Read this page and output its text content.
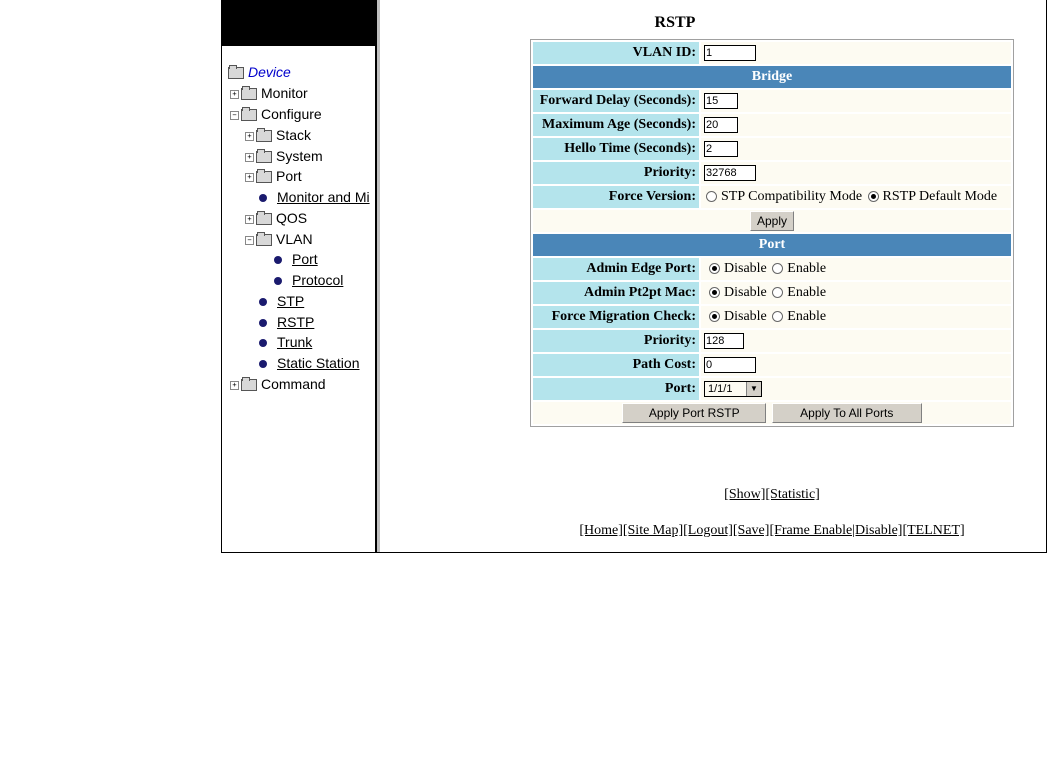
Device
+ Monitor
− Configure
+ Stack
+ System
+ Port
Monitor and Mi
+ QOS
− VLAN
Port
Protocol
STP
RSTP
Trunk
Static Station
+ Command
RSTP
VLAN ID:	1
Bridge	
Forward Delay (Seconds):	15
Maximum Age (Seconds):	20
Hello Time (Seconds):	2
Priority:	32768
Force Version:	STP Compatibility Mode RSTP Default Mode
Apply	
Port	
Admin Edge Port:	Disable Enable
Admin Pt2pt Mac:	Disable Enable
Force Migration Check:	Disable Enable
Priority:	128
Path Cost:	0
Port:	1/1/1 ▼

Apply Port RSTP Apply To All Ports	
[Show][Statistic]
[Home][Site Map][Logout][Save][Frame Enable|Disable][TELNET]
